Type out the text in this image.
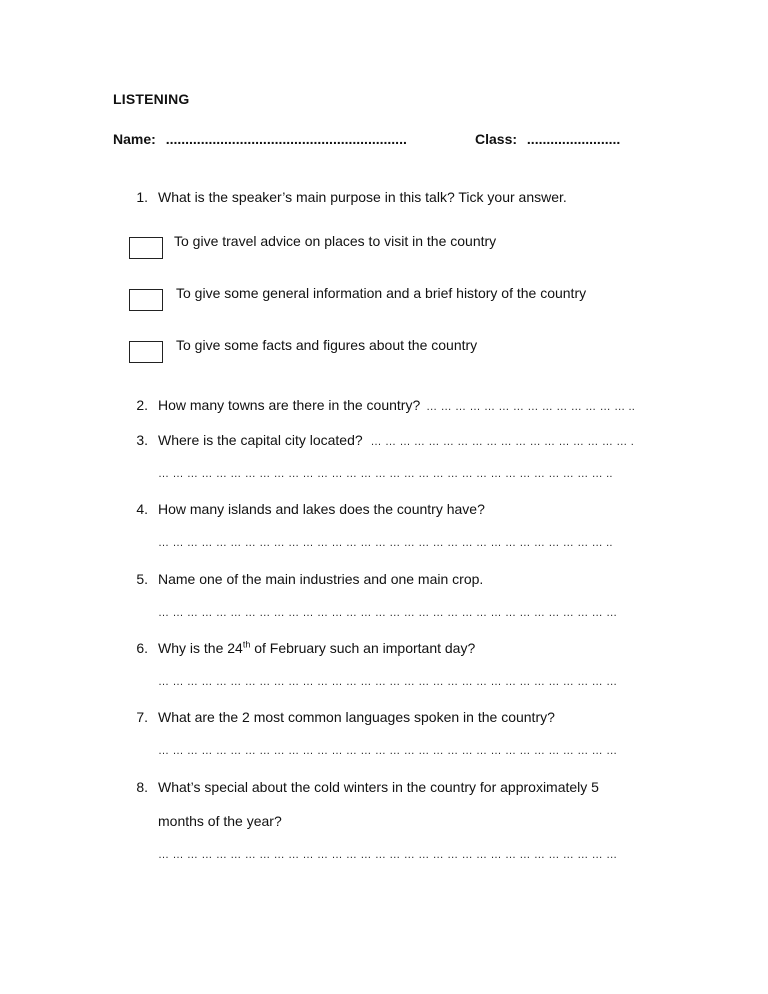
LISTENING
Name: ..............................................................	Class: ........................
1. What is the speaker’s main purpose in this talk? Tick your answer.
To give travel advice on places to visit in the country
To give some general information and a brief history of the country
To give some facts and figures about the country
2. How many towns are there in the country? … … … … … … … … … … … … … … ..
3. Where is the capital city located? … … … … … … … … … … … … … … … … … … .
… … … … … … … … … … … … … … … … … … … … … … … … … … … … … … … ..
4. How many islands and lakes does the country have?
… … … … … … … … … … … … … … … … … … … … … … … … … … … … … … … ..
5. Name one of the main industries and one main crop.
… … … … … … … … … … … … … … … … … … … … … … … … … … … … … … … …
6. Why is the 24th of February such an important day?
… … … … … … … … … … … … … … … … … … … … … … … … … … … … … … … …
7. What are the 2 most common languages spoken in the country?
… … … … … … … … … … … … … … … … … … … … … … … … … … … … … … … …
8. What’s special about the cold winters in the country for approximately 5
months of the year?
… … … … … … … … … … … … … … … … … … … … … … … … … … … … … … … …
